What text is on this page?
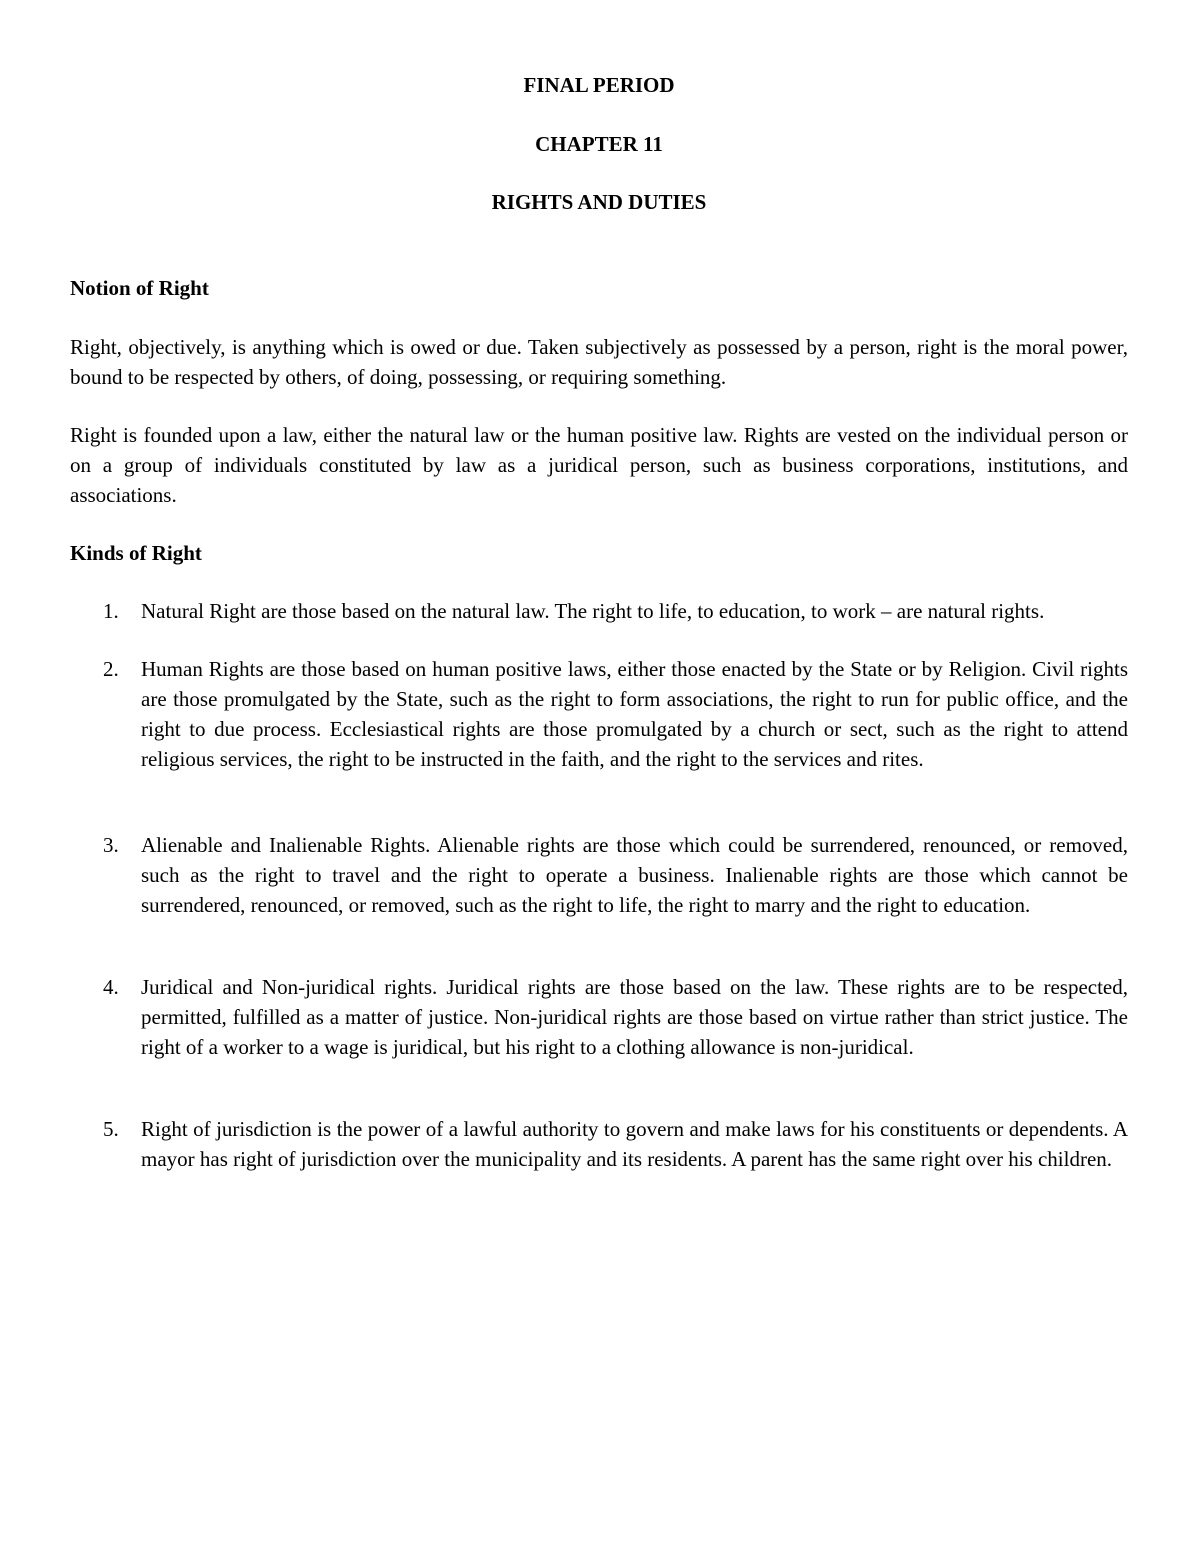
FINAL PERIOD

CHAPTER 11

RIGHTS AND DUTIES

Notion of Right

Right, objectively, is anything which is owed or due. Taken subjectively as possessed by a person, right is the moral power, bound to be respected by others, of doing, possessing, or requiring something.

Right is founded upon a law, either the natural law or the human positive law. Rights are vested on the individual person or on a group of individuals constituted by law as a juridical person, such as business corporations, institutions, and associations.

Kinds of Right

1.	Natural Right are those based on the natural law. The right to life, to education, to work – are natural rights.
2.	Human Rights are those based on human positive laws, either those enacted by the State or by Religion. Civil rights are those promulgated by the State, such as the right to form associations, the right to run for public office, and the right to due process. Ecclesiastical rights are those promulgated by a church or sect, such as the right to attend religious services, the right to be instructed in the faith, and the right to the services and rites.
3.	Alienable and Inalienable Rights. Alienable rights are those which could be surrendered, renounced, or removed, such as the right to travel and the right to operate a business. Inalienable rights are those which cannot be surrendered, renounced, or removed, such as the right to life, the right to marry and the right to education.
4.	Juridical and Non-juridical rights. Juridical rights are those based on the law. These rights are to be respected, permitted, fulfilled as a matter of justice. Non-juridical rights are those based on virtue rather than strict justice. The right of a worker to a wage is juridical, but his right to a clothing allowance is non-juridical.
5.	Right of jurisdiction is the power of a lawful authority to govern and make laws for his constituents or dependents. A mayor has right of jurisdiction over the municipality and its residents. A parent has the same right over his children.
